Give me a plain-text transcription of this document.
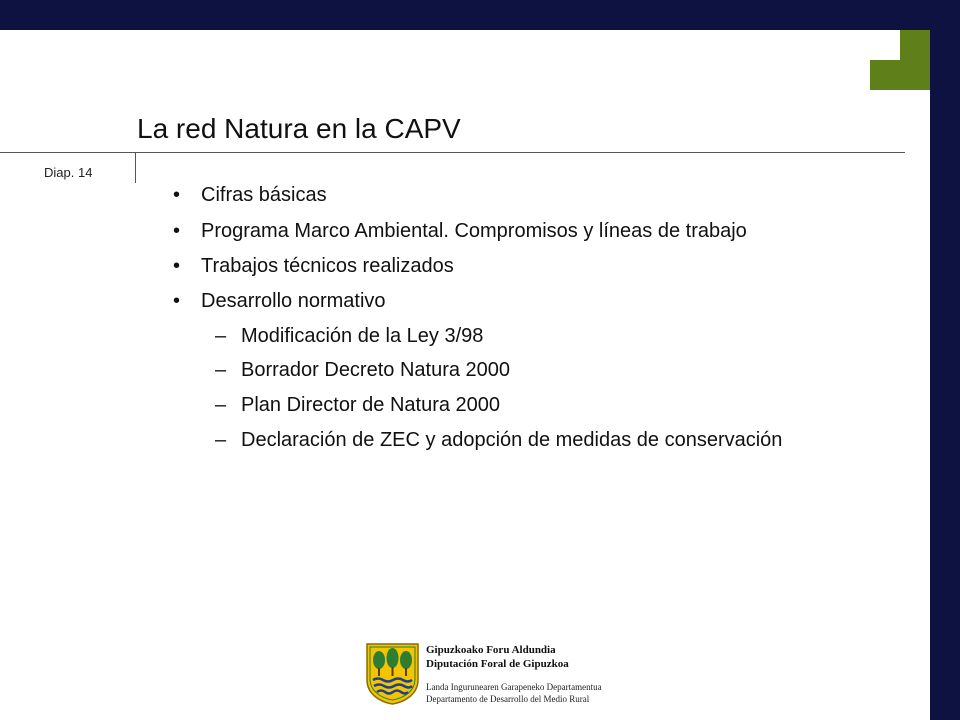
La red Natura en la CAPV
Diap. 14
• Cifras básicas
• Programa Marco Ambiental. Compromisos y líneas de trabajo
• Trabajos técnicos realizados
• Desarrollo normativo
– Modificación de la Ley 3/98
– Borrador Decreto Natura 2000
– Plan Director de Natura 2000
– Declaración de ZEC y adopción de medidas de conservación
Gipuzkoako Foru Aldundia
Diputación Foral de Gipuzkoa
Landa Ingurunearen Garapeneko Departamentua
Departamento de Desarrollo del Medio Rural
